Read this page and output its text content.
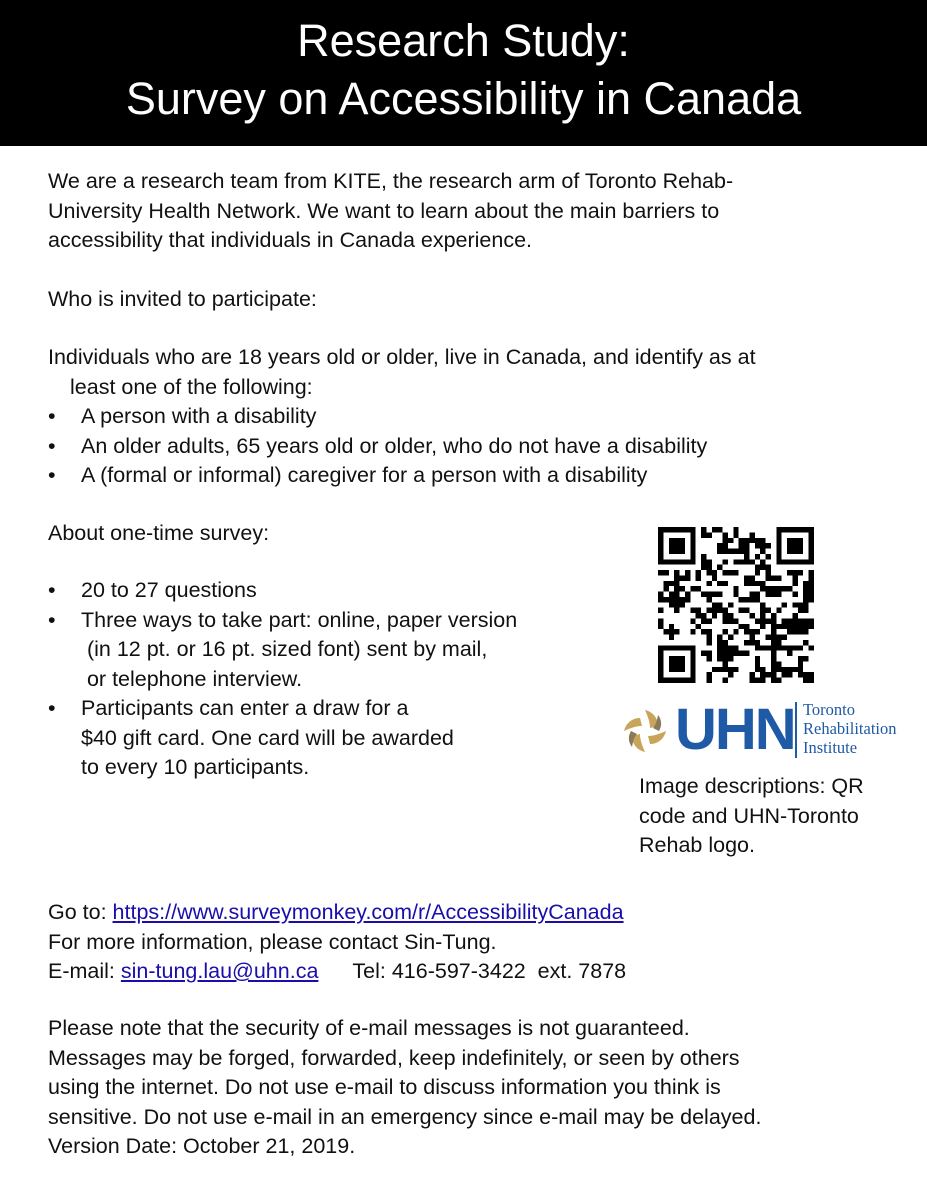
Research Study:
Survey on Accessibility in Canada
We are a research team from KITE, the research arm of Toronto Rehab-
University Health Network. We want to learn about the main barriers to
accessibility that individuals in Canada experience.
Who is invited to participate:
Individuals who are 18 years old or older, live in Canada, and identify as at
least one of the following:
•	A person with a disability
•	An older adults, 65 years old or older, who do not have a disability
•	A (formal or informal) caregiver for a person with a disability
About one-time survey:
•	20 to 27 questions
•	Three ways to take part: online, paper version
(in 12 pt. or 16 pt. sized font) sent by mail,
or telephone interview.
•	Participants can enter a draw for a
$40 gift card. One card will be awarded
to every 10 participants.
UHN Toronto
Rehabilitation
Institute
Image descriptions: QR
code and UHN-Toronto
Rehab logo.
Go to: https://www.surveymonkey.com/r/AccessibilityCanada
For more information, please contact Sin-Tung.
E-mail: sin-tung.lau@uhn.ca Tel: 416-597-3422  ext. 7878
Please note that the security of e-mail messages is not guaranteed.
Messages may be forged, forwarded, keep indefinitely, or seen by others
using the internet. Do not use e-mail to discuss information you think is
sensitive. Do not use e-mail in an emergency since e-mail may be delayed.
Version Date: October 21, 2019.
